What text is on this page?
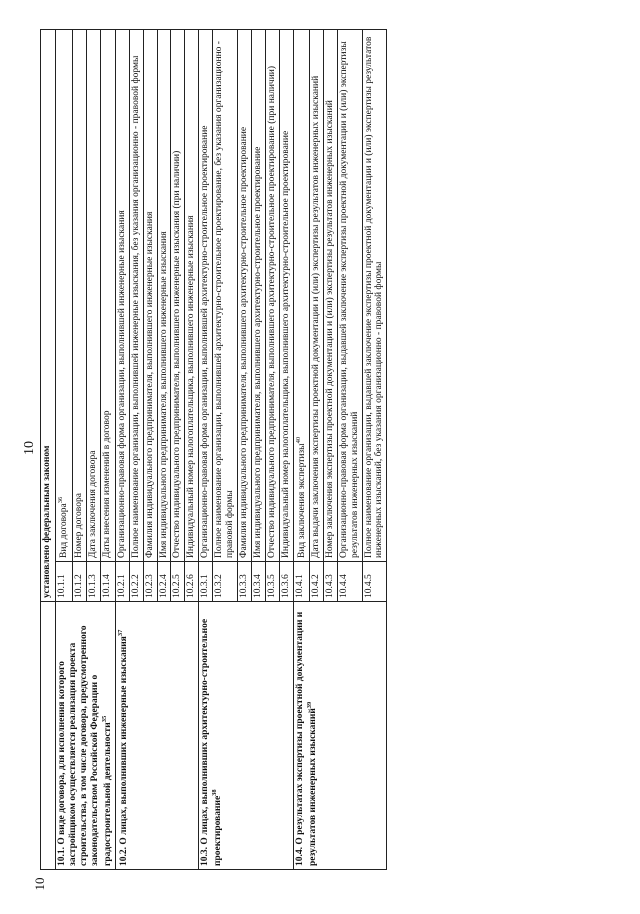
10
10
	установлено федеральным законом	
10.1. О виде договора, для исполнения которого застройщиком осуществляется реализация проекта строительства, в том числе договора, предусмотренного законодательством Российской Федерации о градостроительной деятельности$^{35}$	10.1.1	Вид договора$^{36}$
	10.1.2	Номер договора
	10.1.3	Дата заключения договора
	10.1.4	Даты внесения изменений в договор
10.2. О лицах, выполнивших инженерные изыскания$^{37}$	10.2.1	Организационно-правовая форма организации, выполнившей инженерные изыскания
	10.2.2	Полное наименование организации, выполнившей инженерные изыскания, без указания организационно - правовой формы
	10.2.3	Фамилия индивидуального предпринимателя, выполнившего инженерные изыскания
	10.2.4	Имя индивидуального предпринимателя, выполнившего инженерные изыскания
	10.2.5	Отчество индивидуального предпринимателя, выполнившего инженерные изыскания (при наличии)
	10.2.6	Индивидуальный номер налогоплательщика, выполнившего инженерные изыскания
10.3. О лицах, выполнивших архитектурно-строительное проектирование$^{38}$	10.3.1	Организационно-правовая форма организации, выполнившей архитектурно-строительное проектирование
	10.3.2	Полное наименование организации, выполнившей архитектурно-строительное проектирование, без указания организационно - правовой формы
	10.3.3	Фамилия индивидуального предпринимателя, выполнившего архитектурно-строительное проектирование
	10.3.4	Имя индивидуального предпринимателя, выполнившего архитектурно-строительное проектирование
	10.3.5	Отчество индивидуального предпринимателя, выполнившего архитектурно-строительное проектирование (при наличии)
	10.3.6	Индивидуальный номер налогоплательщика, выполнившего архитектурно-строительное проектирование
10.4. О результатах экспертизы проектной документации и результатов инженерных изысканий$^{39}$	10.4.1	Вид заключения экспертизы$^{40}$
	10.4.2	Дата выдачи заключения экспертизы проектной документации и (или) экспертизы результатов инженерных изысканий
	10.4.3	Номер заключения экспертизы проектной документации и (или) экспертизы результатов инженерных изысканий
	10.4.4	Организационно-правовая форма организации, выдавшей заключение экспертизы проектной документации и (или) экспертизы результатов инженерных изысканий
	10.4.5	Полное наименование организации, выдавшей заключение экспертизы проектной документации и (или) экспертизы результатов инженерных изысканий, без указания организационно - правовой формы
